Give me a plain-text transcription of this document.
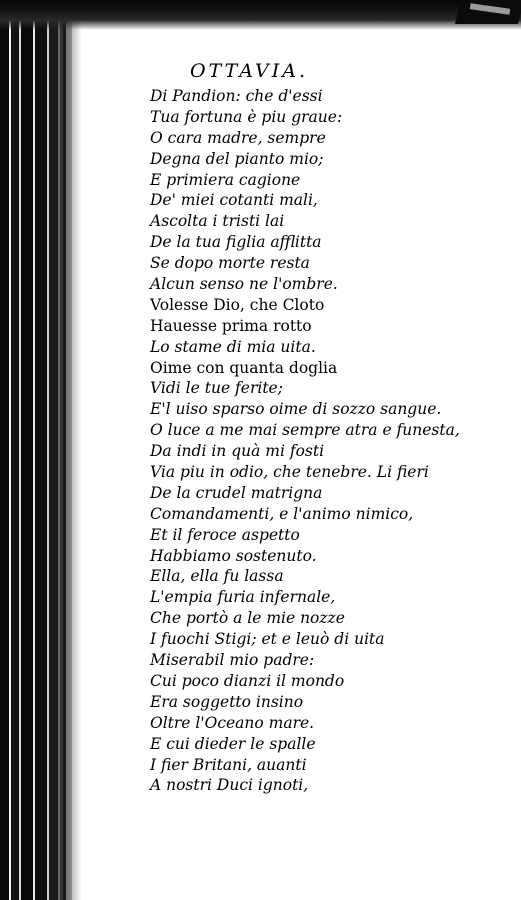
OTTAVIA.
Di Pandion: che d'essi
Tua fortuna è piu graue:
O cara madre, sempre
Degna del pianto mio;
E primiera cagione
De' miei cotanti mali,
Ascolta i tristi lai
De la tua figlia afflitta
Se dopo morte resta
Alcun senso ne l'ombre.
Volesse Dio, che Cloto
Hauesse prima rotto
Lo stame di mia uita.
Oime con quanta doglia
Vidi le tue ferite;
E'l uiso sparso oime di sozzo sangue.
O luce a me mai sempre atra e funesta,
Da indi in quà mi fosti
Via piu in odio, che tenebre. Li fieri
De la crudel matrigna
Comandamenti, e l'animo nimico,
Et il feroce aspetto
Habbiamo sostenuto.
Ella, ella fu lassa
L'empia furia infernale,
Che portò a le mie nozze
I fuochi Stigi; et e leuò di uita
Miserabil mio padre:
Cui poco dianzi il mondo
Era soggetto insino
Oltre l'Oceano mare.
E cui dieder le spalle
I fier Britani, auanti
A nostri Duci ignoti,
